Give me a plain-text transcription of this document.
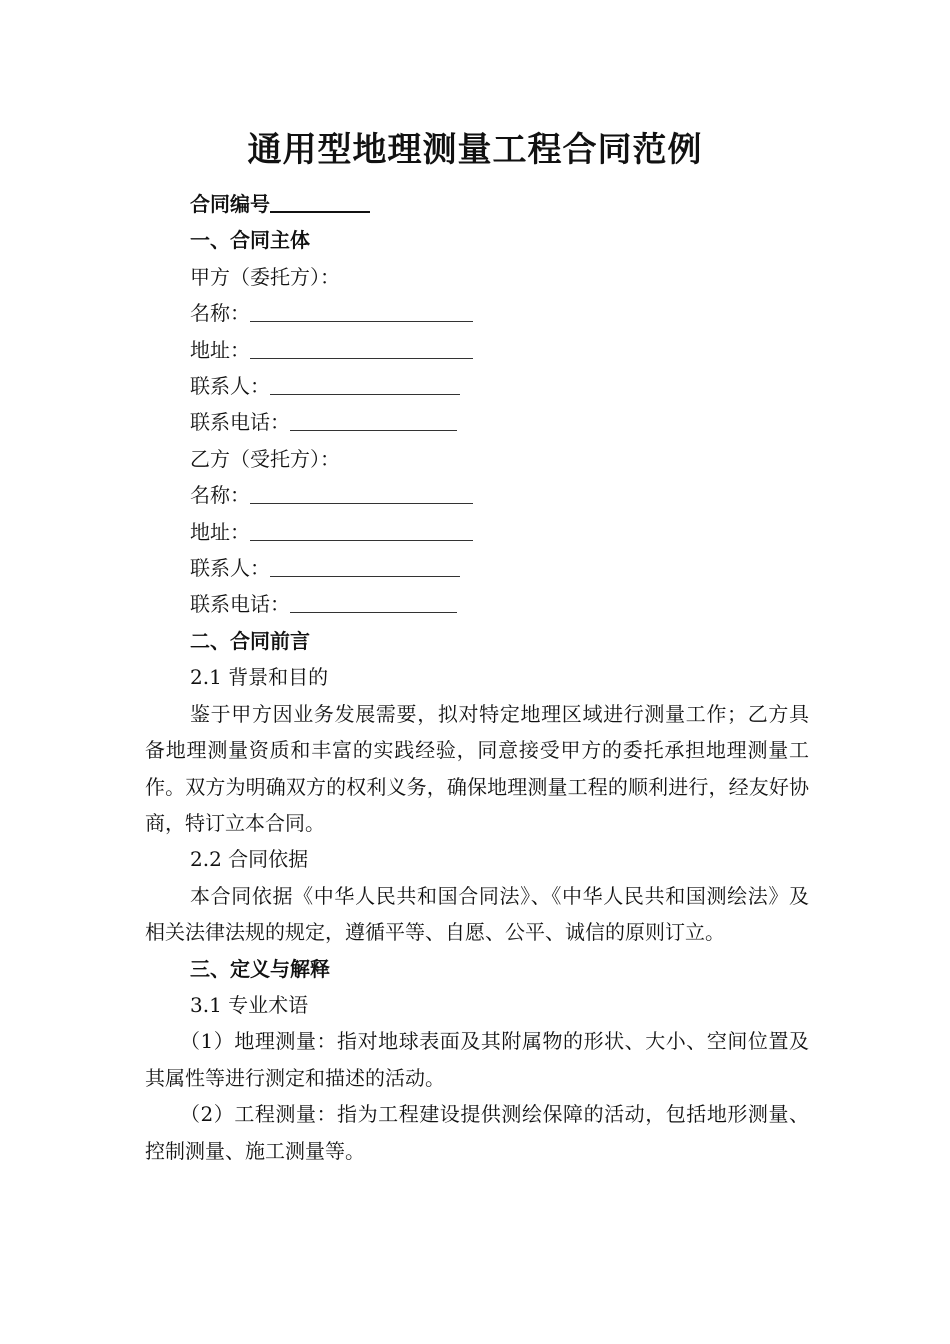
通用型地理测量工程合同范例
合同编号
一、合同主体
甲方（委托方）：
名称：
地址：
联系人：
联系电话：
乙方（受托方）：
名称：
地址：
联系人：
联系电话：
二、合同前言
2.1 背景和目的
鉴于甲方因业务发展需要，拟对特定地理区域进行测量工作；乙方具备地理测量资质和丰富的实践经验，同意接受甲方的委托承担地理测量工作。双方为明确双方的权利义务，确保地理测量工程的顺利进行，经友好协商，特订立本合同。
2.2 合同依据
本合同依据《中华人民共和国合同法》、《中华人民共和国测绘法》及相关法律法规的规定，遵循平等、自愿、公平、诚信的原则订立。
三、定义与解释
3.1 专业术语
（1）地理测量：指对地球表面及其附属物的形状、大小、空间位置及其属性等进行测定和描述的活动。
（2）工程测量：指为工程建设提供测绘保障的活动，包括地形测量、控制测量、施工测量等。
